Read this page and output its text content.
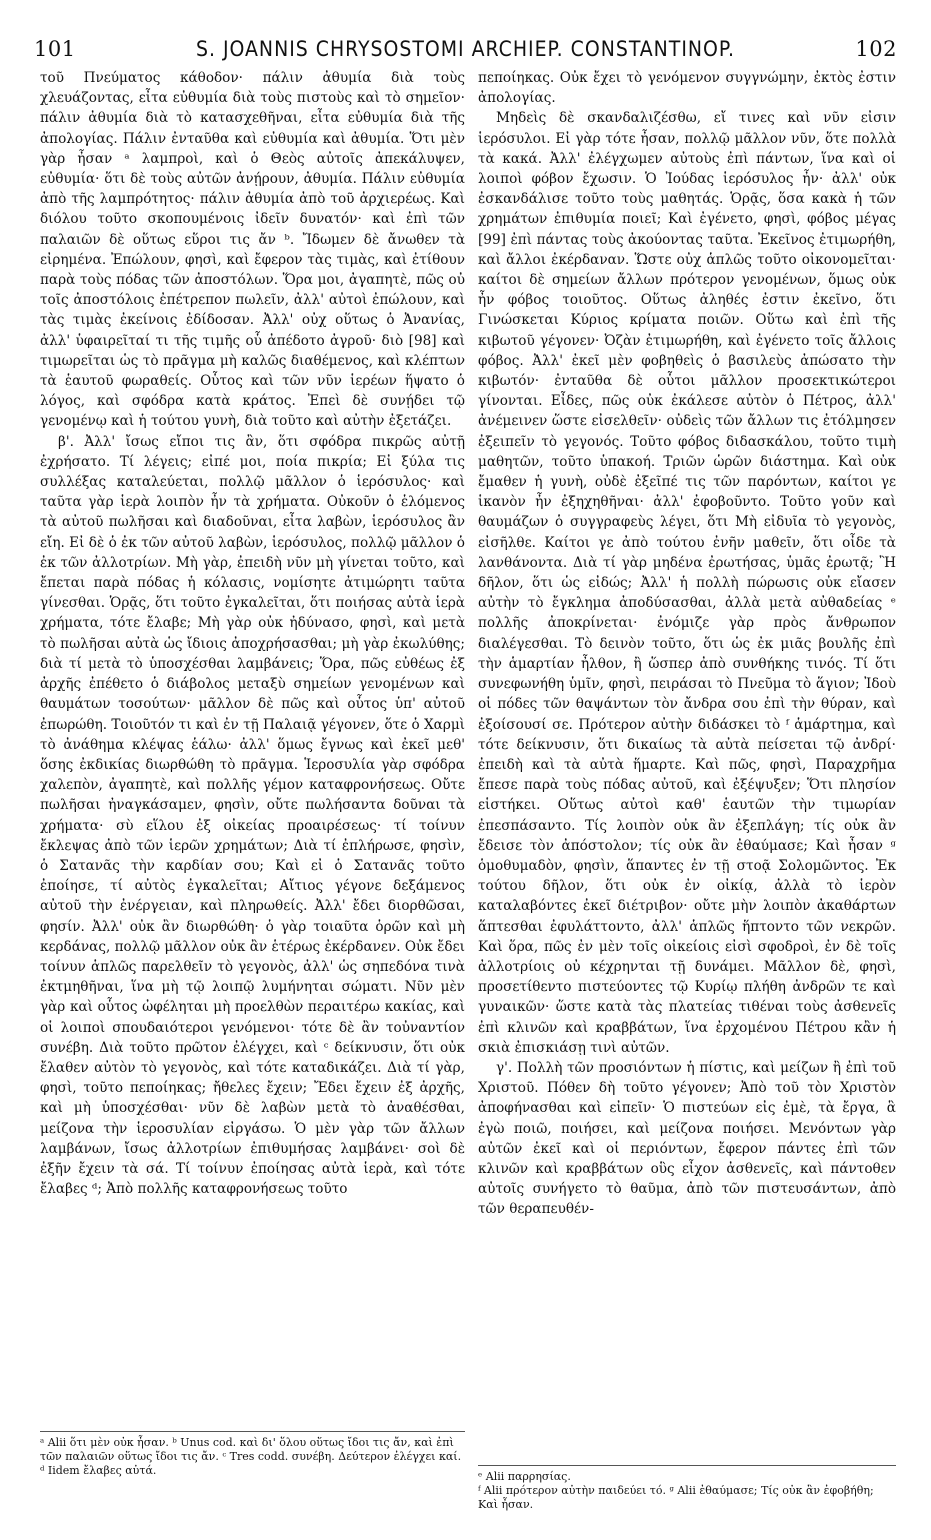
101	S. JOANNIS CHRYSOSTOMI ARCHIEP. CONSTANTINOP.	102

τοῦ Πνεύματος κάθοδον· πάλιν ἀθυμία διὰ τοὺς χλευάζοντας, εἶτα εὐθυμία διὰ τοὺς πιστοὺς καὶ τὸ σημεῖον· πάλιν ἀθυμία διὰ τὸ κατασχεθῆναι, εἶτα εὐθυμία διὰ τῆς ἀπολογίας. Πάλιν ἐνταῦθα καὶ εὐθυμία καὶ ἀθυμία. Ὅτι μὲν γὰρ ἦσαν ᵃ λαμπροὶ, καὶ ὁ Θεὸς αὐτοῖς ἀπεκάλυψεν, εὐθυμία· ὅτι δὲ τοὺς αὐτῶν ἀνῄρουν, ἀθυμία. Πάλιν εὐθυμία ἀπὸ τῆς λαμπρότητος· πάλιν ἀθυμία ἀπὸ τοῦ ἀρχιερέως. Καὶ διόλου τοῦτο σκοπουμένοις ἰδεῖν δυνατόν· καὶ ἐπὶ τῶν παλαιῶν δὲ οὕτως εὕροι τις ἄν ᵇ. Ἴδωμεν δὲ ἄνωθεν τὰ εἰρημένα. Ἐπώλουν, φησὶ, καὶ ἔφερον τὰς τιμὰς, καὶ ἐτίθουν παρὰ τοὺς πόδας τῶν ἀποστόλων. Ὅρα μοι, ἀγαπητὲ, πῶς οὐ τοῖς ἀποστόλοις ἐπέτρεπον πωλεῖν, ἀλλ' αὐτοὶ ἐπώλουν, καὶ τὰς τιμὰς ἐκείνοις ἐδίδοσαν. Ἀλλ' οὐχ οὕτως ὁ Ἀνανίας, ἀλλ' ὑφαιρεῖταί τι τῆς τιμῆς οὗ ἀπέδοτο ἀγροῦ· διὸ [98] καὶ τιμωρεῖται ὡς τὸ πρᾶγμα μὴ καλῶς διαθέμενος, καὶ κλέπτων τὰ ἑαυτοῦ φωραθείς. Οὗτος καὶ τῶν νῦν ἱερέων ἥψατο ὁ λόγος, καὶ σφόδρα κατὰ κράτος. Ἐπεὶ δὲ συνῄδει τῷ γενομένῳ καὶ ἡ τούτου γυνὴ, διὰ τοῦτο καὶ αὐτὴν ἐξετάζει.

β'. Ἀλλ' ἴσως εἴποι τις ἂν, ὅτι σφόδρα πικρῶς αὐτῇ ἐχρήσατο. Τί λέγεις; εἰπέ μοι, ποία πικρία; Εἰ ξύλα τις συλλέξας καταλεύεται, πολλῷ μᾶλλον ὁ ἱερόσυλος· καὶ ταῦτα γὰρ ἱερὰ λοιπὸν ἦν τὰ χρήματα. Οὐκοῦν ὁ ἑλόμενος τὰ αὐτοῦ πωλῆσαι καὶ διαδοῦναι, εἶτα λαβὼν, ἱερόσυλος ἂν εἴη. Εἰ δὲ ὁ ἐκ τῶν αὐτοῦ λαβὼν, ἱερόσυλος, πολλῷ μᾶλλον ὁ ἐκ τῶν ἀλλοτρίων. Μὴ γὰρ, ἐπειδὴ νῦν μὴ γίνεται τοῦτο, καὶ ἔπεται παρὰ πόδας ἡ κόλασις, νομίσητε ἀτιμώρητι ταῦτα γίνεσθαι. Ὁρᾷς, ὅτι τοῦτο ἐγκαλεῖται, ὅτι ποιήσας αὐτὰ ἱερὰ χρήματα, τότε ἔλαβε; Μὴ γὰρ οὐκ ἠδύνασο, φησὶ, καὶ μετὰ τὸ πωλῆσαι αὐτὰ ὡς ἴδιοις ἀποχρήσασθαι; μὴ γὰρ ἐκωλύθης; διὰ τί μετὰ τὸ ὑποσχέσθαι λαμβάνεις; Ὅρα, πῶς εὐθέως ἐξ ἀρχῆς ἐπέθετο ὁ διάβολος μεταξὺ σημείων γενομένων καὶ θαυμάτων τοσούτων· μᾶλλον δὲ πῶς καὶ οὗτος ὑπ' αὐτοῦ ἐπωρώθη. Τοιοῦτόν τι καὶ ἐν τῇ Παλαιᾷ γέγονεν, ὅτε ὁ Χαρμὶ τὸ ἀνάθημα κλέψας ἑάλω· ἀλλ' ὅμως ἔγνως καὶ ἐκεῖ μεθ' ὅσης ἐκδικίας διωρθώθη τὸ πρᾶγμα. Ἱεροσυλία γὰρ σφόδρα χαλεπὸν, ἀγαπητὲ, καὶ πολλῆς γέμον καταφρονήσεως. Οὔτε πωλῆσαι ἠναγκάσαμεν, φησὶν, οὔτε πωλήσαντα δοῦναι τὰ χρήματα· σὺ εἵλου ἐξ οἰκείας προαιρέσεως· τί τοίνυν ἔκλεψας ἀπὸ τῶν ἱερῶν χρημάτων; Διὰ τί ἐπλήρωσε, φησὶν, ὁ Σατανᾶς τὴν καρδίαν σου; Καὶ εἰ ὁ Σατανᾶς τοῦτο ἐποίησε, τί αὐτὸς ἐγκαλεῖται; Αἴτιος γέγονε δεξάμενος αὐτοῦ τὴν ἐνέργειαν, καὶ πληρωθείς. Ἀλλ' ἔδει διορθῶσαι, φησίν. Ἀλλ' οὐκ ἂν διωρθώθη· ὁ γὰρ τοιαῦτα ὁρῶν καὶ μὴ κερδάνας, πολλῷ μᾶλλον οὐκ ἂν ἑτέρως ἐκέρδανεν. Οὐκ ἔδει τοίνυν ἁπλῶς παρελθεῖν τὸ γεγονὸς, ἀλλ' ὡς σηπεδόνα τινὰ ἐκτμηθῆναι, ἵνα μὴ τῷ λοιπῷ λυμήνηται σώματι. Νῦν μὲν γὰρ καὶ οὗτος ὠφέληται μὴ προελθὼν περαιτέρω κακίας, καὶ οἱ λοιποὶ σπουδαιότεροι γενόμενοι· τότε δὲ ἂν τοὐναντίον συνέβη. Διὰ τοῦτο πρῶτον ἐλέγχει, καὶ ᶜ δείκνυσιν, ὅτι οὐκ ἔλαθεν αὐτὸν τὸ γεγονὸς, καὶ τότε καταδικάζει. Διὰ τί γὰρ, φησὶ, τοῦτο πεποίηκας; ἤθελες ἔχειν; Ἔδει ἔχειν ἐξ ἀρχῆς, καὶ μὴ ὑποσχέσθαι· νῦν δὲ λαβὼν μετὰ τὸ ἀναθέσθαι, μείζονα τὴν ἱεροσυλίαν εἰργάσω. Ὁ μὲν γὰρ τῶν ἄλλων λαμβάνων, ἴσως ἀλλοτρίων ἐπιθυμήσας λαμβάνει· σοὶ δὲ ἐξῆν ἔχειν τὰ σά. Τί τοίνυν ἐποίησας αὐτὰ ἱερὰ, καὶ τότε ἔλαβες ᵈ; Ἀπὸ πολλῆς καταφρονήσεως τοῦτο

πεποίηκας. Οὐκ ἔχει τὸ γενόμενον συγγνώμην, ἐκτὸς ἐστιν ἀπολογίας.

Μηδεὶς δὲ σκανδαλιζέσθω, εἴ τινες καὶ νῦν εἰσιν ἱερόσυλοι. Εἰ γὰρ τότε ἦσαν, πολλῷ μᾶλλον νῦν, ὅτε πολλὰ τὰ κακά. Ἀλλ' ἐλέγχωμεν αὐτοὺς ἐπὶ πάντων, ἵνα καὶ οἱ λοιποὶ φόβον ἔχωσιν. Ὁ Ἰούδας ἱερόσυλος ἦν· ἀλλ' οὐκ ἐσκανδάλισε τοῦτο τοὺς μαθητάς. Ὁρᾷς, ὅσα κακὰ ἡ τῶν χρημάτων ἐπιθυμία ποιεῖ; Καὶ ἐγένετο, φησὶ, φόβος μέγας [99] ἐπὶ πάντας τοὺς ἀκούοντας ταῦτα. Ἐκεῖνος ἐτιμωρήθη, καὶ ἄλλοι ἐκέρδαναν. Ὥστε οὐχ ἁπλῶς τοῦτο οἰκονομεῖται· καίτοι δὲ σημείων ἄλλων πρότερον γενομένων, ὅμως οὐκ ἦν φόβος τοιοῦτος. Οὕτως ἀληθές ἐστιν ἐκεῖνο, ὅτι Γινώσκεται Κύριος κρίματα ποιῶν. Οὕτω καὶ ἐπὶ τῆς κιβωτοῦ γέγονεν· Ὀζὰν ἐτιμωρήθη, καὶ ἐγένετο τοῖς ἄλλοις φόβος. Ἀλλ' ἐκεῖ μὲν φοβηθεὶς ὁ βασιλεὺς ἀπώσατο τὴν κιβωτόν· ἐνταῦθα δὲ οὗτοι μᾶλλον προσεκτικώτεροι γίνονται. Εἶδες, πῶς οὐκ ἐκάλεσε αὐτὸν ὁ Πέτρος, ἀλλ' ἀνέμεινεν ὥστε εἰσελθεῖν· οὐδεὶς τῶν ἄλλων τις ἐτόλμησεν ἐξειπεῖν τὸ γεγονός. Τοῦτο φόβος διδασκάλου, τοῦτο τιμὴ μαθητῶν, τοῦτο ὑπακοή. Τριῶν ὡρῶν διάστημα. Καὶ οὐκ ἔμαθεν ἡ γυνὴ, οὐδὲ ἐξεῖπέ τις τῶν παρόντων, καίτοι γε ἱκανὸν ἦν ἐξηχηθῆναι· ἀλλ' ἐφοβοῦντο. Τοῦτο γοῦν καὶ θαυμάζων ὁ συγγραφεὺς λέγει, ὅτι Μὴ εἰδυῖα τὸ γεγονὸς, εἰσῆλθε. Καίτοι γε ἀπὸ τούτου ἐνῆν μαθεῖν, ὅτι οἶδε τὰ λανθάνοντα. Διὰ τί γὰρ μηδένα ἐρωτήσας, ὑμᾶς ἐρωτᾷ; Ἢ δῆλον, ὅτι ὡς εἰδώς; Ἀλλ' ἡ πολλὴ πώρωσις οὐκ εἴασεν αὐτὴν τὸ ἔγκλημα ἀποδύσασθαι, ἀλλὰ μετὰ αὐθαδείας ᵉ πολλῆς ἀποκρίνεται· ἐνόμιζε γὰρ πρὸς ἄνθρωπον διαλέγεσθαι. Τὸ δεινὸν τοῦτο, ὅτι ὡς ἐκ μιᾶς βουλῆς ἐπὶ τὴν ἁμαρτίαν ἦλθον, ἢ ὥσπερ ἀπὸ συνθήκης τινός. Τί ὅτι συνεφωνήθη ὑμῖν, φησὶ, πειράσαι τὸ Πνεῦμα τὸ ἅγιον; Ἰδοὺ οἱ πόδες τῶν θαψάντων τὸν ἄνδρα σου ἐπὶ τὴν θύραν, καὶ ἐξοίσουσί σε. Πρότερον αὐτὴν διδάσκει τὸ ᶠ ἁμάρτημα, καὶ τότε δείκνυσιν, ὅτι δικαίως τὰ αὐτὰ πείσεται τῷ ἀνδρί· ἐπειδὴ καὶ τὰ αὐτὰ ἥμαρτε. Καὶ πῶς, φησὶ, Παραχρῆμα ἔπεσε παρὰ τοὺς πόδας αὐτοῦ, καὶ ἐξέψυξεν; Ὅτι πλησίον εἱστήκει. Οὕτως αὐτοὶ καθ' ἑαυτῶν τὴν τιμωρίαν ἐπεσπάσαντο. Τίς λοιπὸν οὐκ ἂν ἐξεπλάγη; τίς οὐκ ἂν ἔδεισε τὸν ἀπόστολον; τίς οὐκ ἂν ἐθαύμασε; Καὶ ἦσαν ᵍ ὁμοθυμαδὸν, φησὶν, ἅπαντες ἐν τῇ στοᾷ Σολομῶντος. Ἐκ τούτου δῆλον, ὅτι οὐκ ἐν οἰκίᾳ, ἀλλὰ τὸ ἱερὸν καταλαβόντες ἐκεῖ διέτριβον· οὔτε μὴν λοιπὸν ἀκαθάρτων ἅπτεσθαι ἐφυλάττοντο, ἀλλ' ἁπλῶς ἥπτοντο τῶν νεκρῶν. Καὶ ὅρα, πῶς ἐν μὲν τοῖς οἰκείοις εἰσὶ σφοδροὶ, ἐν δὲ τοῖς ἀλλοτρίοις οὐ κέχρηνται τῇ δυνάμει. Μᾶλλον δὲ, φησὶ, προσετίθεντο πιστεύοντες τῷ Κυρίῳ πλήθη ἀνδρῶν τε καὶ γυναικῶν· ὥστε κατὰ τὰς πλατείας τιθέναι τοὺς ἀσθενεῖς ἐπὶ κλινῶν καὶ κραββάτων, ἵνα ἐρχομένου Πέτρου κἂν ἡ σκιὰ ἐπισκιάσῃ τινὶ αὐτῶν.

γ'. Πολλὴ τῶν προσιόντων ἡ πίστις, καὶ μείζων ἢ ἐπὶ τοῦ Χριστοῦ. Πόθεν δὴ τοῦτο γέγονεν; Ἀπὸ τοῦ τὸν Χριστὸν ἀποφήνασθαι καὶ εἰπεῖν· Ὁ πιστεύων εἰς ἐμὲ, τὰ ἔργα, ἃ ἐγὼ ποιῶ, ποιήσει, καὶ μείζονα ποιήσει. Μενόντων γὰρ αὐτῶν ἐκεῖ καὶ οἱ περιόντων, ἔφερον πάντες ἐπὶ τῶν κλινῶν καὶ κραββάτων οὓς εἶχον ἀσθενεῖς, καὶ πάντοθεν αὐτοῖς συνήγετο τὸ θαῦμα, ἀπὸ τῶν πιστευσάντων, ἀπὸ τῶν θεραπευθέν-

ᵃ Alii ὅτι μὲν οὐκ ἦσαν. ᵇ Unus cod. καὶ δι' ὅλου οὕτως ἴδοι τις ἄν, καὶ ἐπὶ τῶν παλαιῶν οὕτως ἴδοι τις ἄν. ᶜ Tres codd. συνέβη. Δεύτερον ἐλέγχει καί. ᵈ Iidem ἔλαβες αὐτά.	ᵉ Alii παρρησίας.
ᶠ Alii πρότερον αὐτὴν παιδεύει τό. ᵍ Alii ἐθαύμασε; Τίς οὐκ ἂν ἐφοβήθη; Καὶ ἦσαν.
